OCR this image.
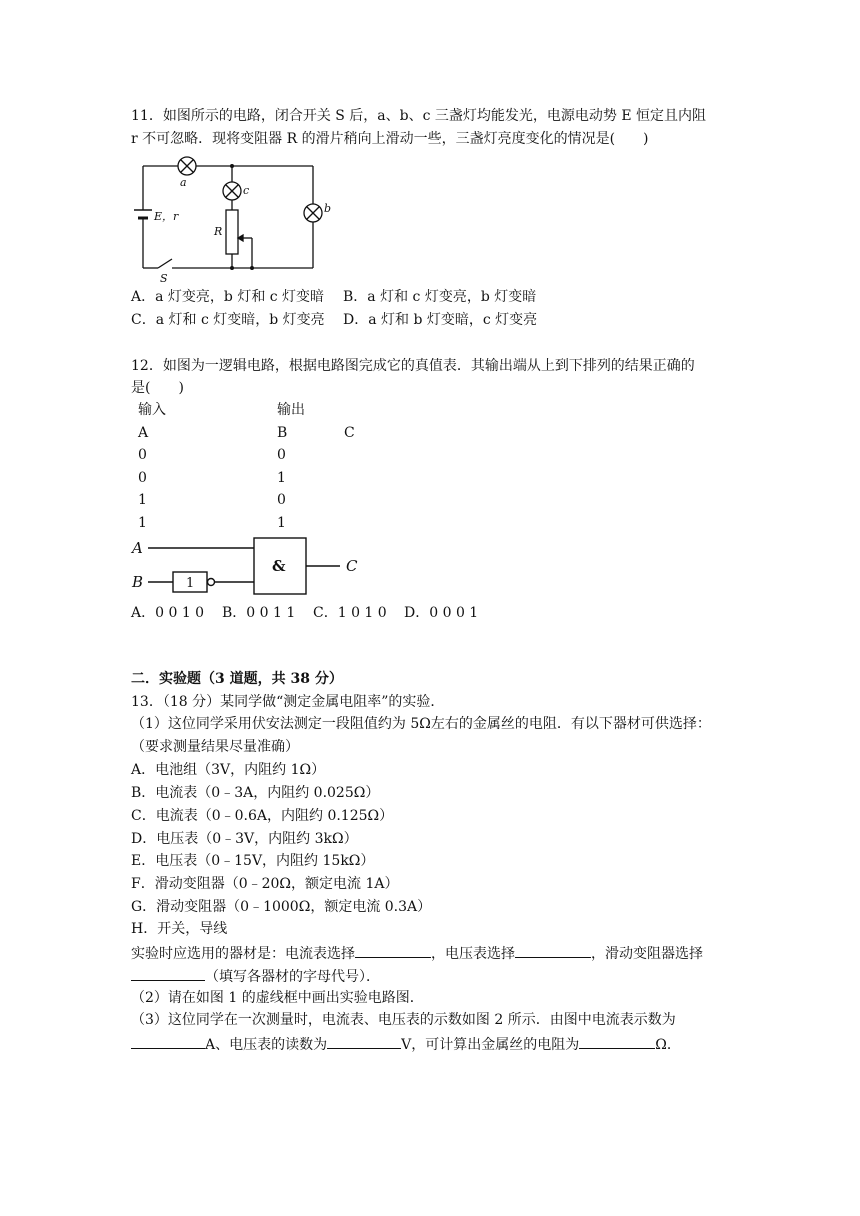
11．如图所示的电路，闭合开关 S 后，a、b、c 三盏灯均能发光，电源电动势 E 恒定且内阻
r 不可忽略．现将变阻器 R 的滑片稍向上滑动一些，三盏灯亮度变化的情况是(　　)
a
c
b
R
E，r
S
A．a 灯变亮，b 灯和 c 灯变暗 B．a 灯和 c 灯变亮，b 灯变暗
C．a 灯和 c 灯变暗，b 灯变亮 D．a 灯和 b 灯变暗，c 灯变亮
12．如图为一逻辑电路，根据电路图完成它的真值表．其输出端从上到下排列的结果正确的
是(　　)
输入	输出
A	B	C
0	0
0	1
1	0
1	1
A
B	1
&	C
A．0 0 1 0 B．0 0 1 1 C．1 0 1 0 D．0 0 0 1
二．实验题（3 道题，共 38 分）
13．（18 分）某同学做“测定金属电阻率”的实验．
（1）这位同学采用伏安法测定一段阻值约为 5Ω左右的金属丝的电阻．有以下器材可供选择：
（要求测量结果尽量准确）
A．电池组（3V，内阻约 1Ω）
B．电流表（0﹣3A，内阻约 0.025Ω）
C．电流表（0﹣0.6A，内阻约 0.125Ω）
D．电压表（0﹣3V，内阻约 3kΩ）
E．电压表（0﹣15V，内阻约 15kΩ）
F．滑动变阻器（0﹣20Ω，额定电流 1A）
G．滑动变阻器（0﹣1000Ω，额定电流 0.3A）
H．开关，导线
实验时应选用的器材是：电流表选择	，电压表选择	，滑动变阻器选择
（填写各器材的字母代号）．
（2）请在如图 1 的虚线框中画出实验电路图．
（3）这位同学在一次测量时，电流表、电压表的示数如图 2 所示．由图中电流表示数为
A、电压表的读数为	V，可计算出金属丝的电阻为	Ω．
